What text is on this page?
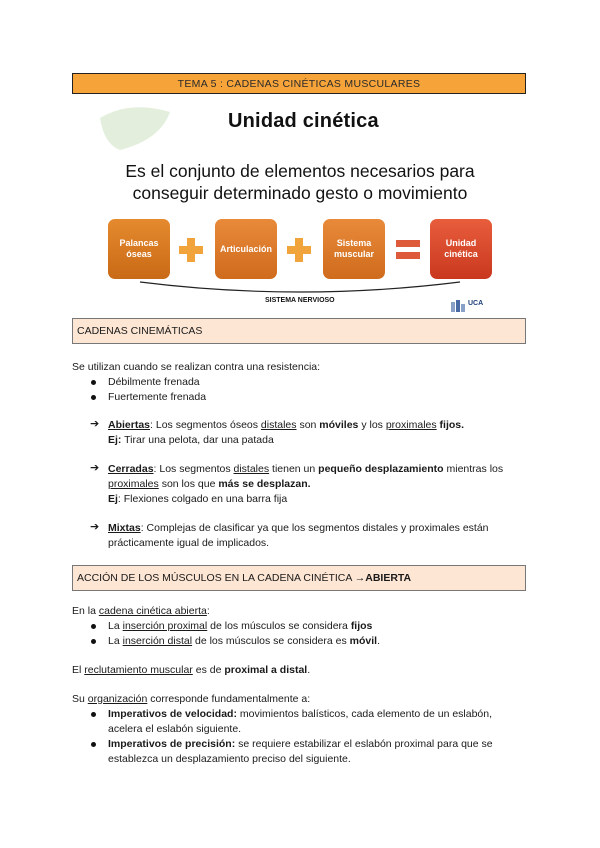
TEMA 5 : CADENAS CINÉTICAS MUSCULARES
Unidad cinética
Es el conjunto de elementos necesarios para
conseguir determinado gesto o movimiento
Palancas
óseas
Articulación
Sistema
muscular
Unidad
cinética
SISTEMA NERVIOSO	UCA
CADENAS CINEMÁTICAS
Se utilizan cuando se realizan contra una resistencia:
Débilmente frenada
Fuertemente frenada
➔ Abiertas: Los segmentos óseos distales son móviles y los proximales fijos.
Ej: Tirar una pelota, dar una patada
➔ Cerradas: Los segmentos distales tienen un pequeño desplazamiento mientras los
proximales son los que más se desplazan.
Ej: Flexiones colgado en una barra fija
➔ Mixtas: Complejas de clasificar ya que los segmentos distales y proximales están
prácticamente igual de implicados.
ACCIÓN DE LOS MÚSCULOS EN LA CADENA CINÉTICA → ABIERTA
En la cadena cinética abierta:
La inserción proximal de los músculos se considera fijos
La inserción distal de los músculos se considera es móvil.
El reclutamiento muscular es de proximal a distal.
Su organización corresponde fundamentalmente a:
Imperativos de velocidad: movimientos balísticos, cada elemento de un eslabón,
acelera el eslabón siguiente.
Imperativos de precisión: se requiere estabilizar el eslabón proximal para que se
establezca un desplazamiento preciso del siguiente.
